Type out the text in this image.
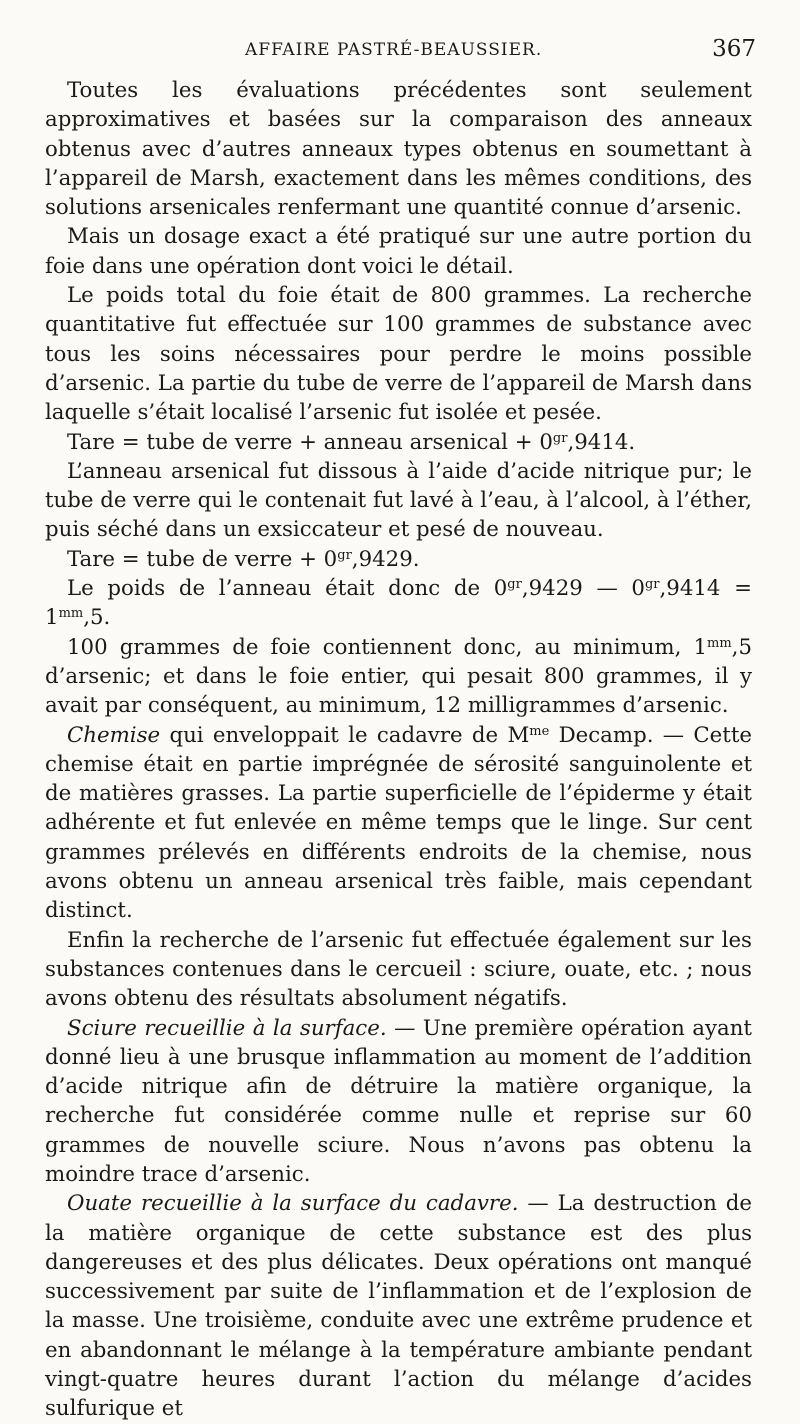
AFFAIRE PASTRÉ-BEAUSSIER.	367

Toutes les évaluations précédentes sont seulement approximatives et basées sur la comparaison des anneaux obtenus avec d’autres anneaux types obtenus en soumettant à l’appareil de Marsh, exactement dans les mêmes conditions, des solutions arsenicales renfermant une quantité connue d’arsenic.

Mais un dosage exact a été pratiqué sur une autre portion du foie dans une opération dont voici le détail.

Le poids total du foie était de 800 grammes. La recherche quantitative fut effectuée sur 100 grammes de substance avec tous les soins nécessaires pour perdre le moins possible d’arsenic. La partie du tube de verre de l’appareil de Marsh dans laquelle s’était localisé l’arsenic fut isolée et pesée.

Tare = tube de verre + anneau arsenical + $0^{gr},9414$.

L’anneau arsenical fut dissous à l’aide d’acide nitrique pur; le tube de verre qui le contenait fut lavé à l’eau, à l’alcool, à l’éther, puis séché dans un exsiccateur et pesé de nouveau.

Tare = tube de verre + $0^{gr},9429$.

Le poids de l’anneau était donc de $0^{gr},9429$ — $0^{gr},9414 = 1^{mm},5$.

100 grammes de foie contiennent donc, au minimum, $1^{mm},5$ d’arsenic; et dans le foie entier, qui pesait 800 grammes, il y avait par conséquent, au minimum, 12 milligrammes d’arsenic.

Chemise qui enveloppait le cadavre de $M^{me}$ Decamp. — Cette chemise était en partie imprégnée de sérosité sanguinolente et de matières grasses. La partie superficielle de l’épiderme y était adhérente et fut enlevée en même temps que le linge. Sur cent grammes prélevés en différents endroits de la chemise, nous avons obtenu un anneau arsenical très faible, mais cependant distinct.

Enfin la recherche de l’arsenic fut effectuée également sur les substances contenues dans le cercueil : sciure, ouate, etc. ; nous avons obtenu des résultats absolument négatifs.

Sciure recueillie à la surface. — Une première opération ayant donné lieu à une brusque inflammation au moment de l’addition d’acide nitrique afin de détruire la matière organique, la recherche fut considérée comme nulle et reprise sur 60 grammes de nouvelle sciure. Nous n’avons pas obtenu la moindre trace d’arsenic.

Ouate recueillie à la surface du cadavre. — La destruction de la matière organique de cette substance est des plus dangereuses et des plus délicates. Deux opérations ont manqué successivement par suite de l’inflammation et de l’explosion de la masse. Une troisième, conduite avec une extrême prudence et en abandonnant le mélange à la température ambiante pendant vingt-quatre heures durant l’action du mélange d’acides sulfurique et
